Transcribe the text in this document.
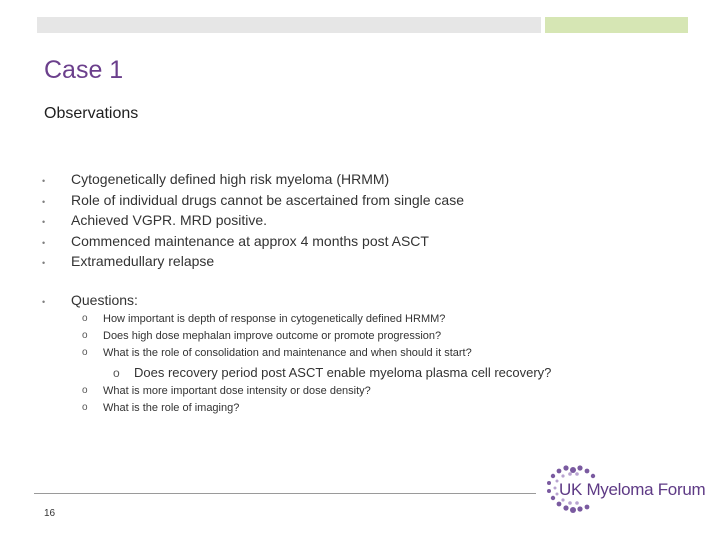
Case 1
Observations
• Cytogenetically defined high risk myeloma (HRMM)
• Role of individual drugs cannot be ascertained from single case
• Achieved VGPR. MRD positive.
• Commenced maintenance at approx 4 months post ASCT
• Extramedullary relapse
• Questions:
o How important is depth of response in cytogenetically defined HRMM?
o Does high dose mephalan improve outcome or promote progression?
o What is the role of consolidation and maintenance and when should it start?
o Does recovery period post ASCT enable myeloma plasma cell recovery?
o What is more important dose intensity or dose density?
o What is the role of imaging?
16
UK Myeloma Forum
